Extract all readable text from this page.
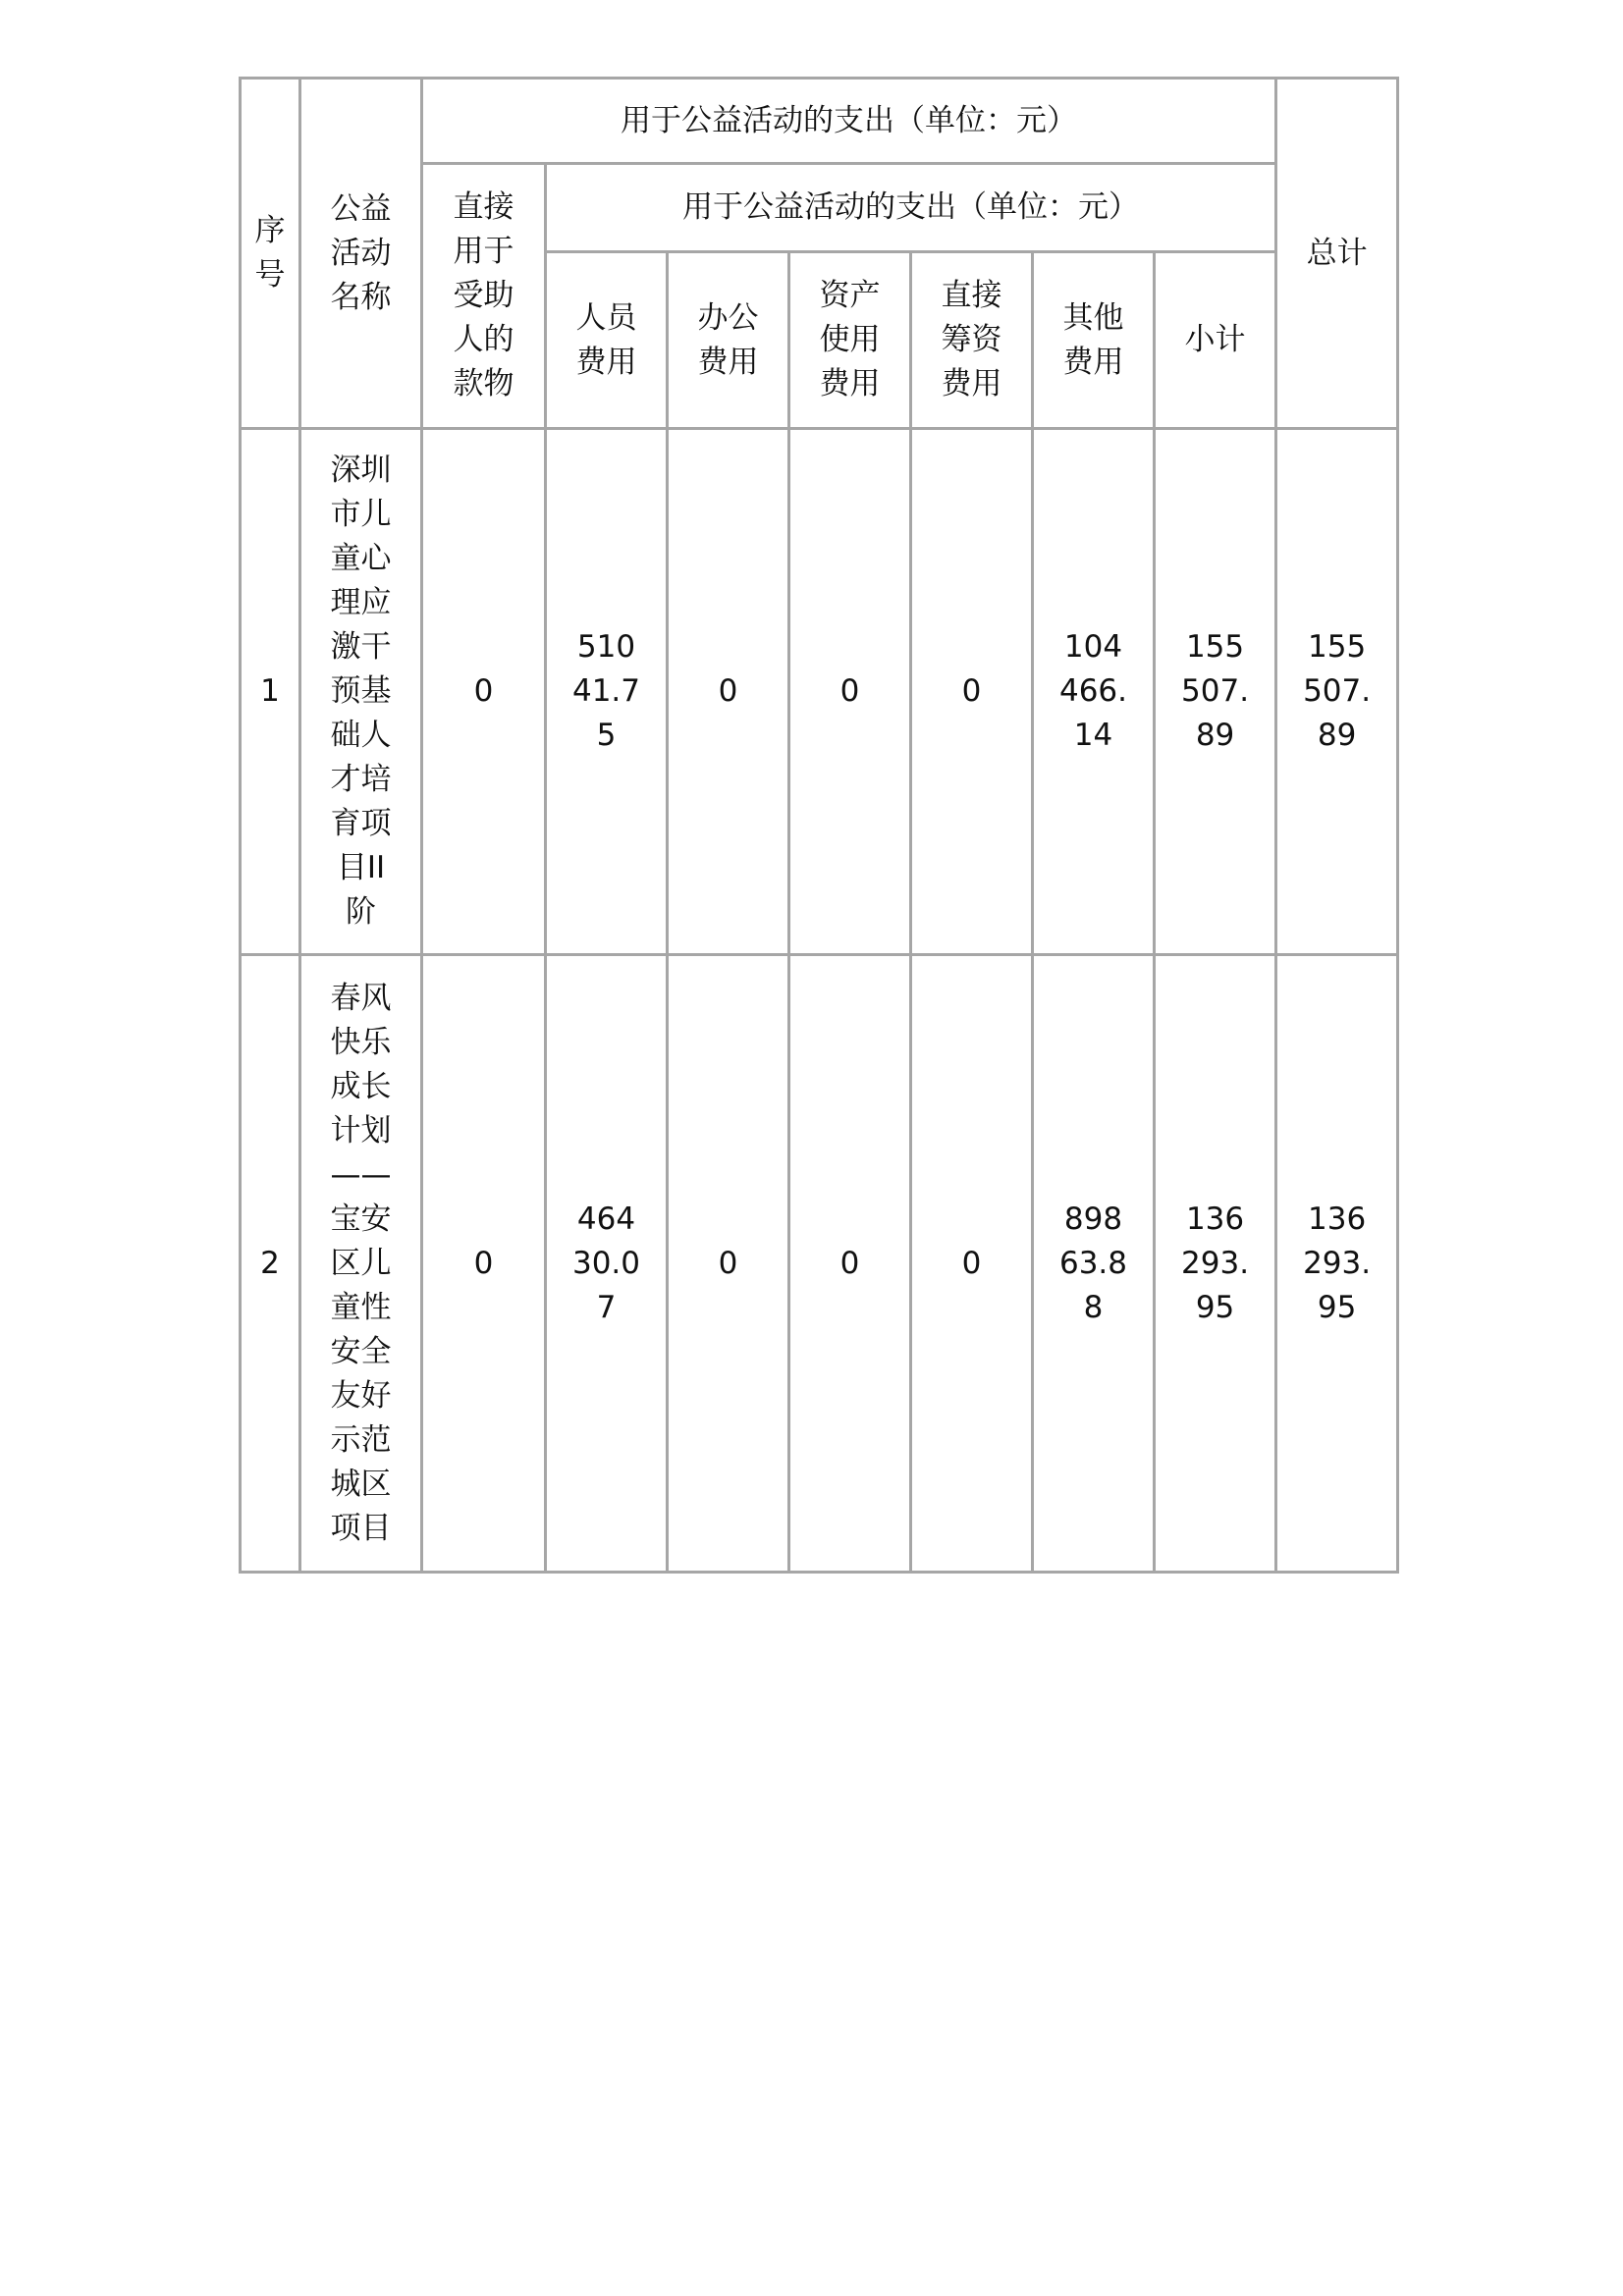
序号	公益活动名称	用于公益活动的支出（单位：元）							总计

		直接用于受助人的款物	用于公益活动的支出（单位：元）						

			人员费用	办公费用	资产使用费用	直接筹资费用	其他费用	小计	
1	深圳市儿童心理应激干预基础人才培育项目II阶	0	51041.75	0	0	0	104466.14	155507.89	155507.89

2	春风快乐成长计划——宝安区儿童性安全友好示范城区项目	0	46430.07	0	0	0	89863.88	136293.95	136293.95
